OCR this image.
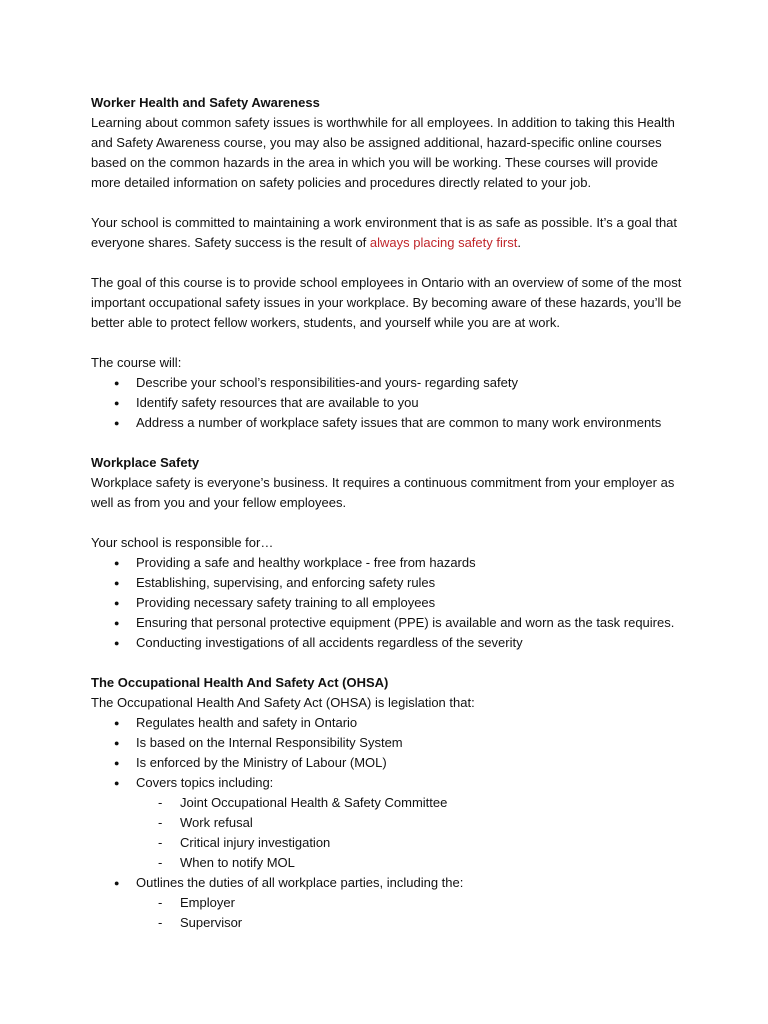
Worker Health and Safety Awareness

Learning about common safety issues is worthwhile for all employees. In addition to taking this Health and Safety Awareness course, you may also be assigned additional, hazard-specific online courses based on the common hazards in the area in which you will be working. These courses will provide more detailed information on safety policies and procedures directly related to your job.

Your school is committed to maintaining a work environment that is as safe as possible. It’s a goal that everyone shares. Safety success is the result of always placing safety first.

The goal of this course is to provide school employees in Ontario with an overview of some of the most important occupational safety issues in your workplace. By becoming aware of these hazards, you’ll be better able to protect fellow workers, students, and yourself while you are at work.

The course will:

● Describe your school’s responsibilities-and yours- regarding safety
● Identify safety resources that are available to you
● Address a number of workplace safety issues that are common to many work environments
Workplace Safety

Workplace safety is everyone’s business. It requires a continuous commitment from your employer as well as from you and your fellow employees.

Your school is responsible for…

● Providing a safe and healthy workplace - free from hazards
● Establishing, supervising, and enforcing safety rules
● Providing necessary safety training to all employees
● Ensuring that personal protective equipment (PPE) is available and worn as the task requires.
● Conducting investigations of all accidents regardless of the severity
The Occupational Health And Safety Act (OHSA)

The Occupational Health And Safety Act (OHSA) is legislation that:

● Regulates health and safety in Ontario
● Is based on the Internal Responsibility System
● Is enforced by the Ministry of Labour (MOL)
● Covers topics including:
- Joint Occupational Health & Safety Committee
- Work refusal
- Critical injury investigation
- When to notify MOL
● Outlines the duties of all workplace parties, including the:
- Employer
- Supervisor
